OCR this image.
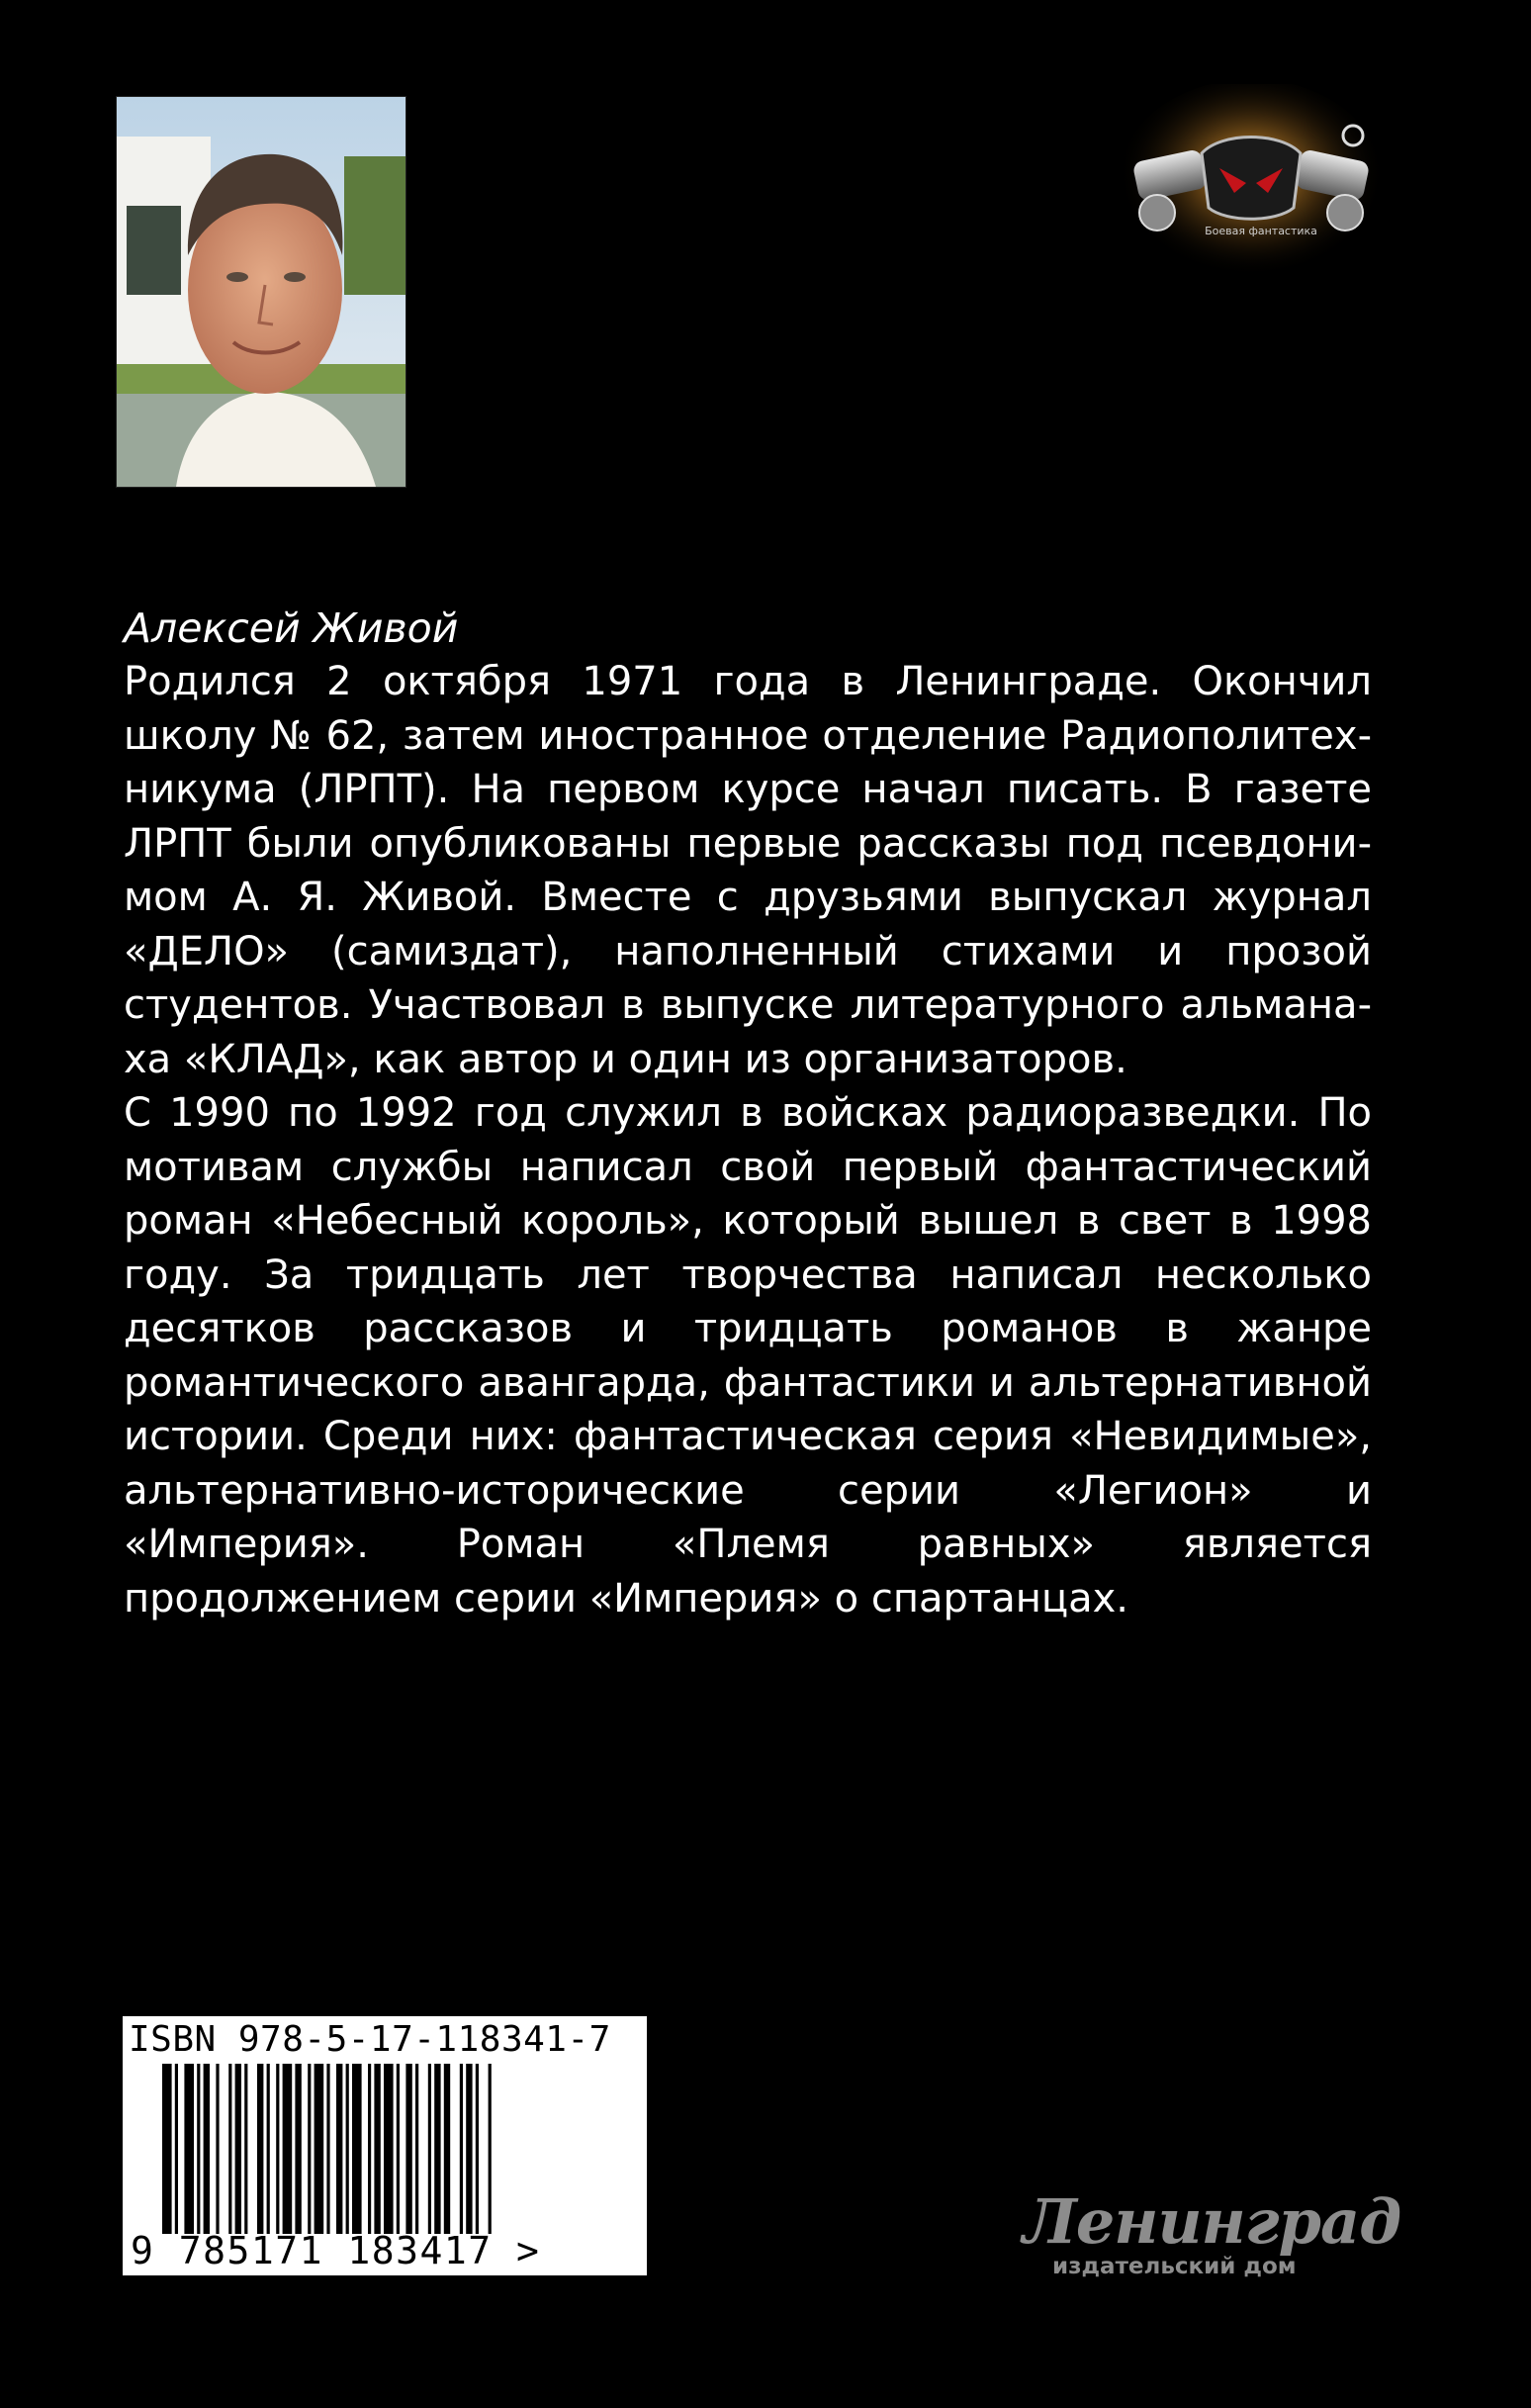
Боевая фантастика
Алексей Живой

Родился 2 октября 1971 года в Ленинграде. Окончил школу № 62, затем иностранное отделение Радиополитехникума (ЛРПТ). На первом курсе начал писать. В газете ЛРПТ были опубликованы первые рассказы под псевдонимом А. Я. Живой. Вместе с друзьями выпускал журнал «ДЕЛО» (самиздат), наполненный стихами и прозой студентов. Участвовал в выпуске литературного альманаха «КЛАД», как автор и один из организаторов.

С 1990 по 1992 год служил в войсках радиоразведки. По мотивам службы написал свой первый фантастический роман «Небесный король», который вышел в свет в 1998 году. За тридцать лет творчества написал несколько десятков рассказов и тридцать романов в жанре романтического авангарда, фантастики и альтернативной истории. Среди них: фантастическая серия «Невидимые», альтернативно-исторические серии «Легион» и «Империя». Роман «Племя равных» является продолжением серии «Империя» о спартанцах.

ISBN 978-5-17-118341-7
9 785171 183417 >	Ленинград
издательский дом
